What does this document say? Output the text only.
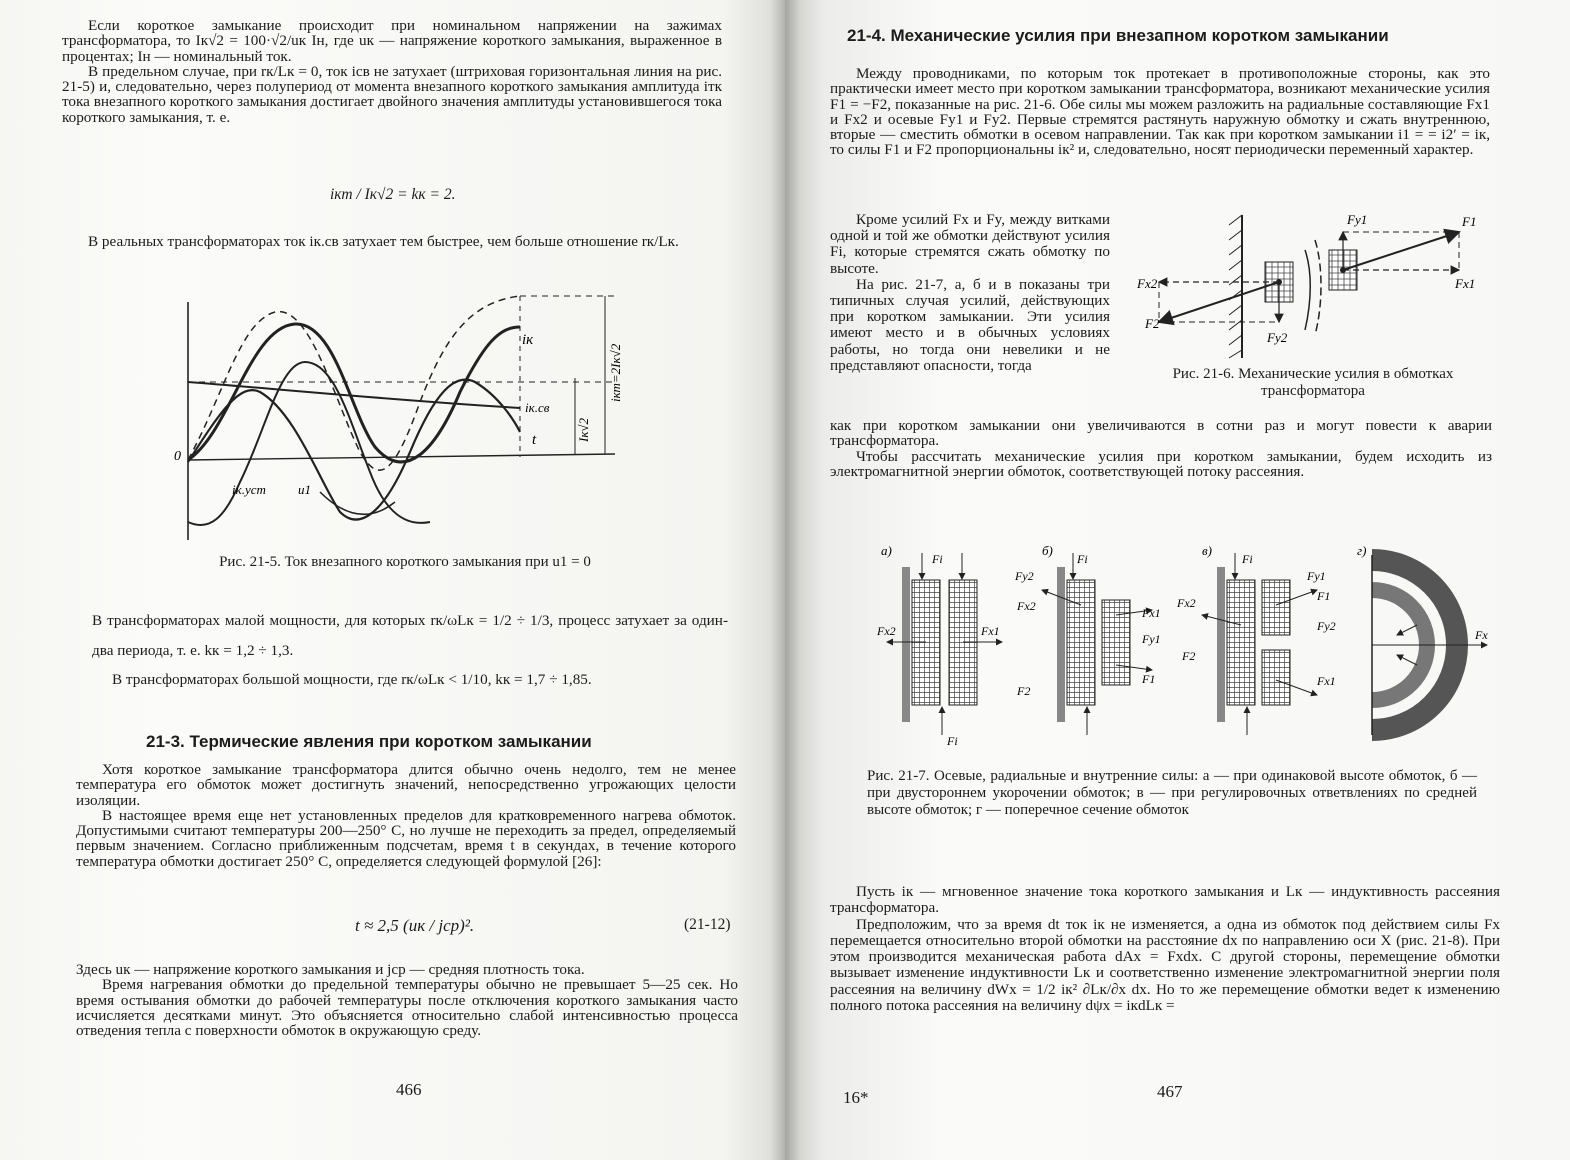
Если короткое замыкание происходит при номинальном напряжении на зажимах трансформатора, то Iк√2 = 100·√2/uк Iн, где uк — напряжение короткого замыкания, выраженное в процентах; Iн — номинальный ток.

В предельном случае, при rк/Lк = 0, ток iсв не затухает (штриховая горизонтальная линия на рис. 21-5) и, следовательно, через полупериод от момента внезапного короткого замыкания амплитуда iтк тока внезапного короткого замыкания достигает двойного значения амплитуды установившегося тока короткого замыкания, т. е.

iкт / Iк√2 = kк = 2.

В реальных трансформаторах ток iк.св затухает тем быстрее, чем больше отношение rк/Lк.

iк
iк.св
t
0
iк.уст u1
iкт=2Iк√2
Iк√2
Рис. 21-5. Ток внезапного короткого замыкания при u1 = 0

В трансформаторах малой мощности, для которых rк/ωLк = 1/2 ÷ 1/3, процесс затухает за один-два периода, т. е. kк = 1,2 ÷ 1,3.

В трансформаторах большой мощности, где rк/ωLк < 1/10, kк = 1,7 ÷ 1,85.

21-3. Термические явления при коротком замыкании

Хотя короткое замыкание трансформатора длится обычно очень недолго, тем не менее температура его обмоток может достигнуть значений, непосредственно угрожающих целости изоляции.

В настоящее время еще нет установленных пределов для кратковременного нагрева обмоток. Допустимыми считают температуры 200—250° С, но лучше не переходить за предел, определяемый первым значением. Согласно приближенным подсчетам, время t в секундах, в течение которого температура обмотки достигает 250° С, определяется следующей формулой [26]:

t ≈ 2,5 (uк / jср)².	(21-12)

Здесь uк — напряжение короткого замыкания и jср — средняя плотность тока.

Время нагревания обмотки до предельной температуры обычно не превышает 5—25 сек. Но время остывания обмотки до рабочей температуры после отключения короткого замыкания часто исчисляется десятками минут. Это объясняется относительно слабой интенсивностью процесса отведения тепла с поверхности обмоток в окружающую среду.

466
21-4. Механические усилия при внезапном коротком замыкании

Между проводниками, по которым ток протекает в противоположные стороны, как это практически имеет место при коротком замыкании трансформатора, возникают механические усилия F1 = −F2, показанные на рис. 21-6. Обе силы мы можем разложить на радиальные составляющие Fx1 и Fx2 и осевые Fy1 и Fy2. Первые стремятся растянуть наружную обмотку и сжать внутреннюю, вторые — сместить обмотки в осевом направлении. Так как при коротком замыкании i1 = = i2′ = iк, то силы F1 и F2 пропорциональны iк² и, следовательно, носят периодически переменный характер.

Кроме усилий Fx и Fy, между витками одной и той же обмотки действуют усилия Fi, которые стремятся сжать обмотку по высоте.

На рис. 21-7, а, б и в показаны три типичных случая усилий, действующих при коротком замыкании. Эти усилия имеют место и в обычных условиях работы, но тогда они невелики и не представляют опасности, тогда

Fy1	F1
Fx1
Fx2
F2
Fy2
Рис. 21-6. Механические усилия в обмотках трансформатора

как при коротком замыкании они увеличиваются в сотни раз и могут повести к аварии трансформатора.

Чтобы рассчитать механические усилия при коротком замыкании, будем исходить из электромагнитной энергии обмоток, соответствующей потоку рассеяния.

а)
Fi
Fi
Fx2	Fx1
б)
Fi
Fy2
Fx2	Fx1
Fy1
F1
F2
в)
Fi
Fy1
F1
Fy2
Fx1
Fx2
F2
г)
Fx
Рис. 21-7. Осевые, радиальные и внутренние силы: а — при одинаковой высоте обмоток, б — при двустороннем укорочении обмоток; в — при регулировочных ответвлениях по средней высоте обмоток; г — поперечное сечение обмоток

Пусть iк — мгновенное значение тока короткого замыкания и Lк — индуктивность рассеяния трансформатора.

Предположим, что за время dt ток iк не изменяется, а одна из обмоток под действием силы Fx перемещается относительно второй обмотки на расстояние dx по направлению оси X (рис. 21-8). При этом производится механическая работа dAx = Fxdx. С другой стороны, перемещение обмотки вызывает изменение индуктивности Lк и соответственно изменение электромагнитной энергии поля рассеяния на величину dWx = 1/2 iк² ∂Lк/∂x dx. Но то же перемещение обмотки ведет к изменению полного потока рассеяния на величину dψx = iкdLк =

16*	467
